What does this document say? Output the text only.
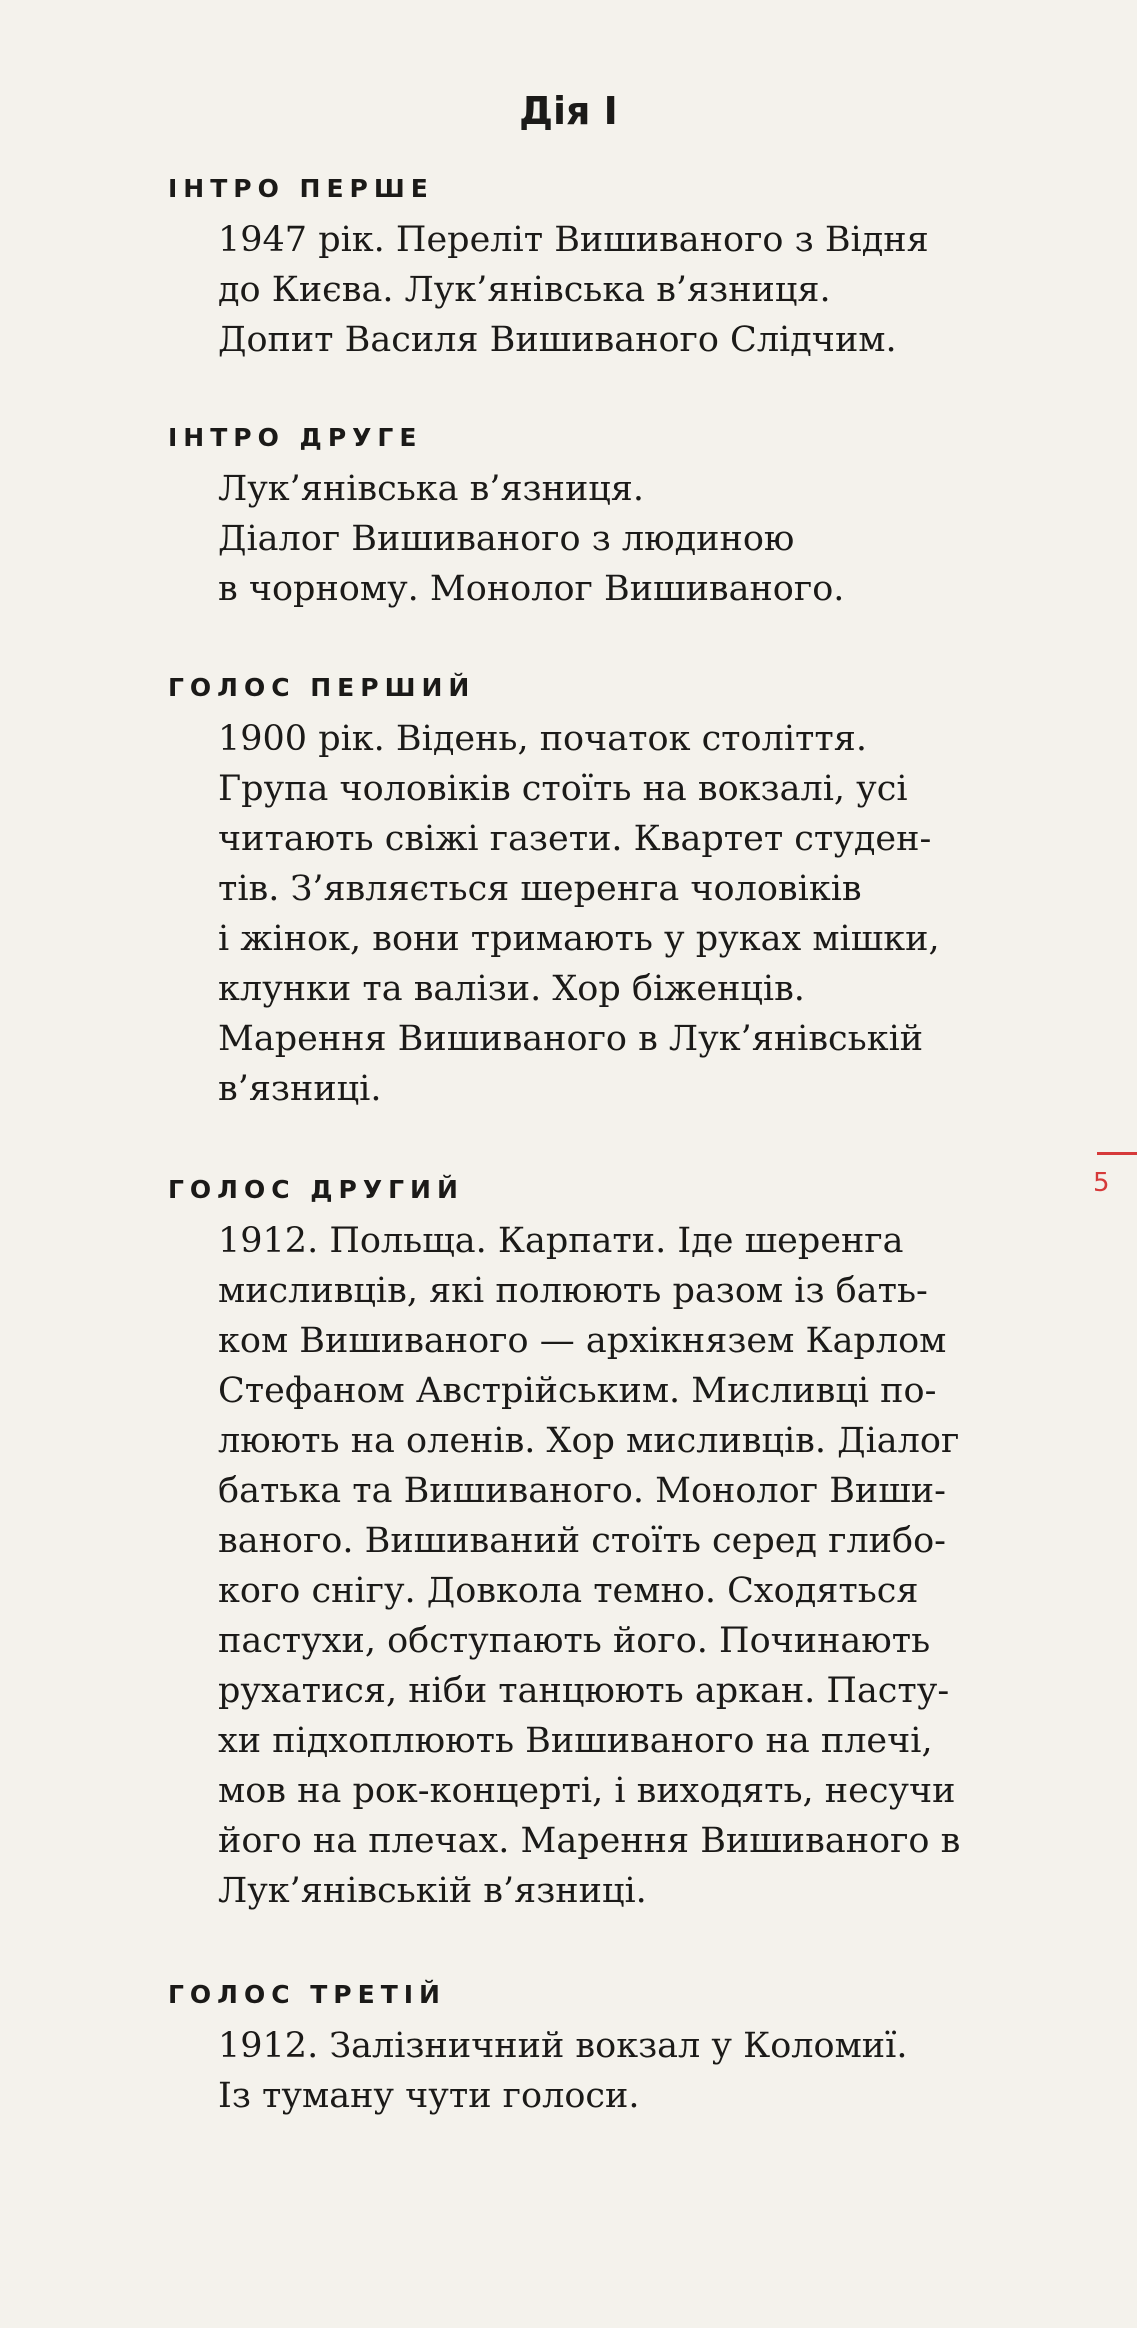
Дія І
ІНТРО ПЕРШЕ
1947 рік. Переліт Вишиваного з Відня
до Києва. Лук’янівська в’язниця.
Допит Василя Вишиваного Слідчим.
ІНТРО ДРУГЕ
Лук’янівська в’язниця.
Діалог Вишиваного з людиною
в чорному. Монолог Вишиваного.
ГОЛОС ПЕРШИЙ
1900 рік. Відень, початок століття.
Група чоловіків стоїть на вокзалі, усі
читають свіжі газети. Квартет студен-
тів. З’являється шеренга чоловіків
і жінок, вони тримають у руках мішки,
клунки та валізи. Хор біженців.
Марення Вишиваного в Лук’янівській
в’язниці.
ГОЛОС ДРУГИЙ
1912. Польща. Карпати. Іде шеренга
мисливців, які полюють разом із бать-
ком Вишиваного — архікнязем Карлом
Стефаном Австрійським. Мисливці по-
люють на оленів. Хор мисливців. Діалог
батька та Вишиваного. Монолог Виши-
ваного. Вишиваний стоїть серед глибо-
кого снігу. Довкола темно. Сходяться
пастухи, обступають його. Починають
рухатися, ніби танцюють аркан. Пасту-
хи підхоплюють Вишиваного на плечі,
мов на рок-концерті, і виходять, несучи
його на плечах. Марення Вишиваного в
Лук’янівській в’язниці.
ГОЛОС ТРЕТІЙ
1912. Залізничний вокзал у Коломиї.
Із туману чути голоси.
5
